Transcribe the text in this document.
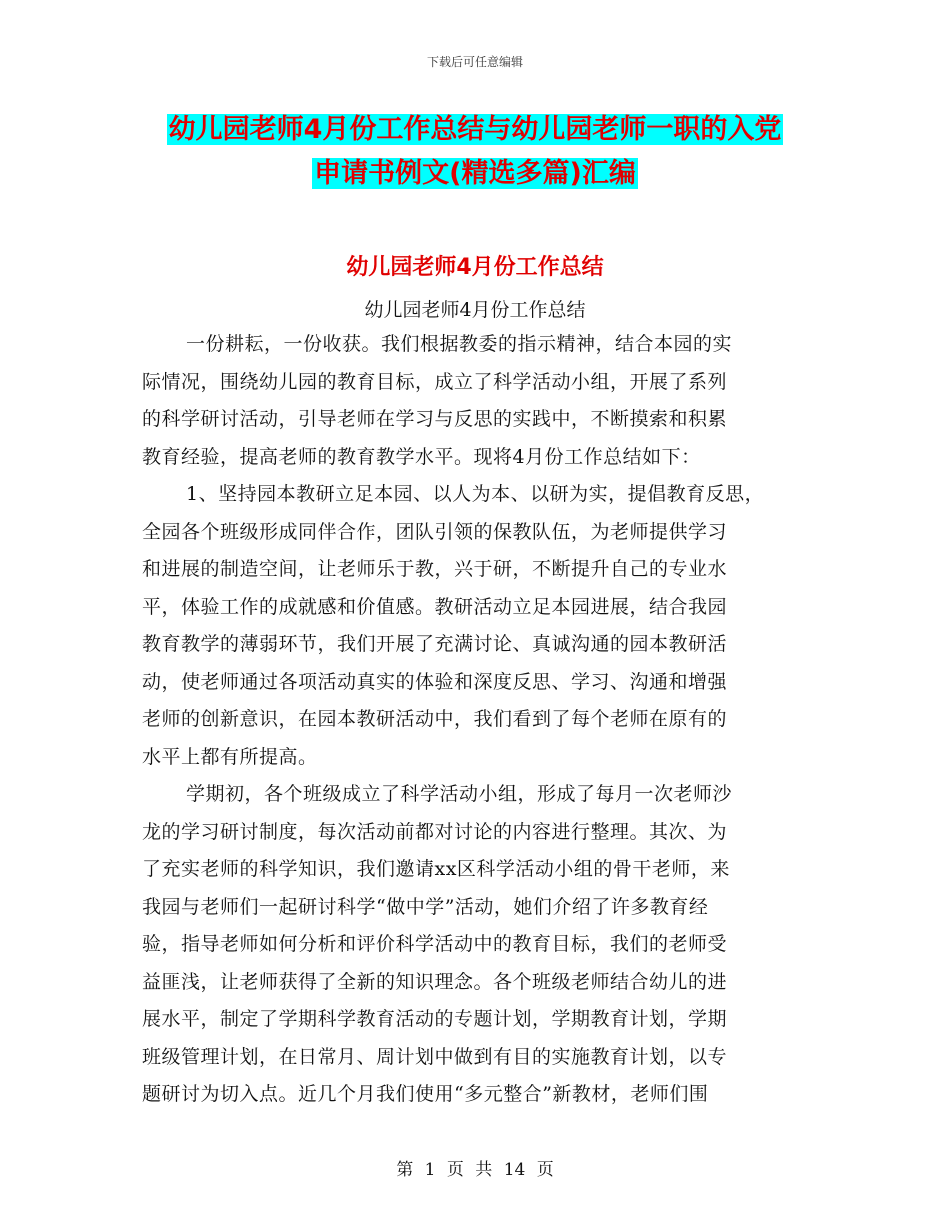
下载后可任意编辑
幼儿园老师4月份工作总结与幼儿园老师一职的入党
申请书例文(精选多篇)汇编
幼儿园老师4月份工作总结
幼儿园老师4月份工作总结
一份耕耘，一份收获。我们根据教委的指示精神，结合本园的实
际情况，围绕幼儿园的教育目标，成立了科学活动小组，开展了系列
的科学研讨活动，引导老师在学习与反思的实践中，不断摸索和积累
教育经验，提高老师的教育教学水平。现将4月份工作总结如下：
1、坚持园本教研立足本园、以人为本、以研为实，提倡教育反思，
全园各个班级形成同伴合作，团队引领的保教队伍，为老师提供学习
和进展的制造空间，让老师乐于教，兴于研，不断提升自己的专业水
平，体验工作的成就感和价值感。教研活动立足本园进展，结合我园
教育教学的薄弱环节，我们开展了充满讨论、真诚沟通的园本教研活
动，使老师通过各项活动真实的体验和深度反思、学习、沟通和增强
老师的创新意识，在园本教研活动中，我们看到了每个老师在原有的
水平上都有所提高。
学期初，各个班级成立了科学活动小组，形成了每月一次老师沙
龙的学习研讨制度，每次活动前都对讨论的内容进行整理。其次、为
了充实老师的科学知识，我们邀请xx区科学活动小组的骨干老师，来
我园与老师们一起研讨科学“做中学”活动，她们介绍了许多教育经
验，指导老师如何分析和评价科学活动中的教育目标，我们的老师受
益匪浅，让老师获得了全新的知识理念。各个班级老师结合幼儿的进
展水平，制定了学期科学教育活动的专题计划，学期教育计划，学期
班级管理计划，在日常月、周计划中做到有目的实施教育计划，以专
题研讨为切入点。近几个月我们使用“多元整合”新教材，老师们围
第 1 页 共 14 页
